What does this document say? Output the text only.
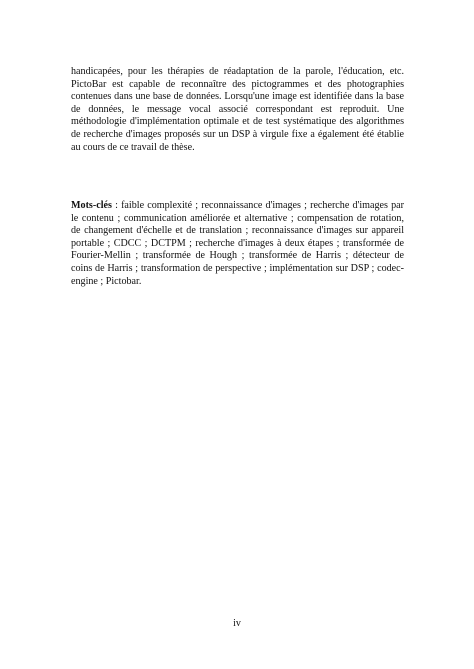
handicapées, pour les thérapies de réadaptation de la parole, l'éducation, etc. PictoBar est capable de reconnaître des pictogrammes et des photographies contenues dans une base de données. Lorsqu'une image est identifiée dans la base de données, le message vocal associé correspondant est reproduit. Une méthodologie d'implémentation optimale et de test systématique des algorithmes de recherche d'images proposés sur un DSP à virgule fixe a également été établie au cours de ce travail de thèse.

Mots-clés : faible complexité ; reconnaissance d'images ; recherche d'images par le contenu ; communication améliorée et alternative ; compensation de rotation, de changement d'échelle et de translation ; reconnaissance d'images sur appareil portable ; CDCC ; DCTPM ; recherche d'images à deux étapes ; transformée de Fourier-Mellin ; transformée de Hough ; transformée de Harris ; détecteur de coins de Harris ; transformation de perspective ; implémentation sur DSP ; codec-engine ; Pictobar.

iv
